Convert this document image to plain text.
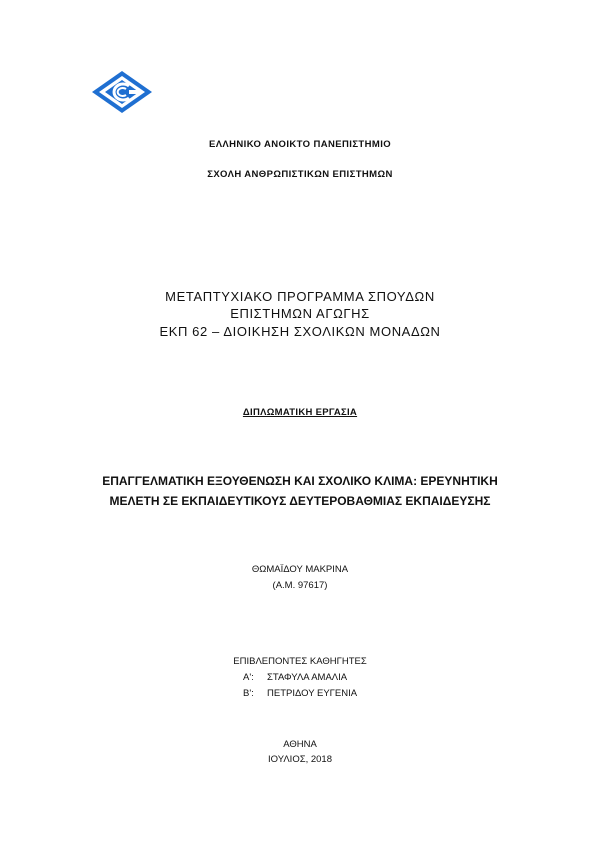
ΕΛΛΗΝΙΚΟ ΑΝΟΙΚΤΟ ΠΑΝΕΠΙΣΤΗΜΙΟ
ΣΧΟΛΗ ΑΝΘΡΩΠΙΣΤΙΚΩΝ ΕΠΙΣΤΗΜΩΝ
ΜΕΤΑΠΤΥΧΙΑΚΟ ΠΡΟΓΡΑΜΜΑ ΣΠΟΥΔΩΝ
ΕΠΙΣΤΗΜΩΝ ΑΓΩΓΗΣ
ΕΚΠ 62 – ΔΙΟΙΚΗΣΗ ΣΧΟΛΙΚΩΝ ΜΟΝΑΔΩΝ
ΔΙΠΛΩΜΑΤΙΚΗ ΕΡΓΑΣΙΑ
ΕΠΑΓΓΕΛΜΑΤΙΚΗ ΕΞΟΥΘΕΝΩΣΗ ΚΑΙ ΣΧΟΛΙΚΟ ΚΛΙΜΑ: ΕΡΕΥΝΗΤΙΚΗ
ΜΕΛΕΤΗ ΣΕ ΕΚΠΑΙΔΕΥΤΙΚΟΥΣ ΔΕΥΤΕΡΟΒΑΘΜΙΑΣ ΕΚΠΑΙΔΕΥΣΗΣ
ΘΩΜΑΪΔΟΥ ΜΑΚΡΙΝΑ
(Α.Μ. 97617)
ΕΠΙΒΛΕΠΟΝΤΕΣ ΚΑΘΗΓΗΤΕΣ
Α': ΣΤΑΦΥΛΑ ΑΜΑΛΙΑ
Β': ΠΕΤΡΙΔΟΥ ΕΥΓΕΝΙΑ
ΑΘΗΝΑ
ΙΟΥΛΙΟΣ, 2018
